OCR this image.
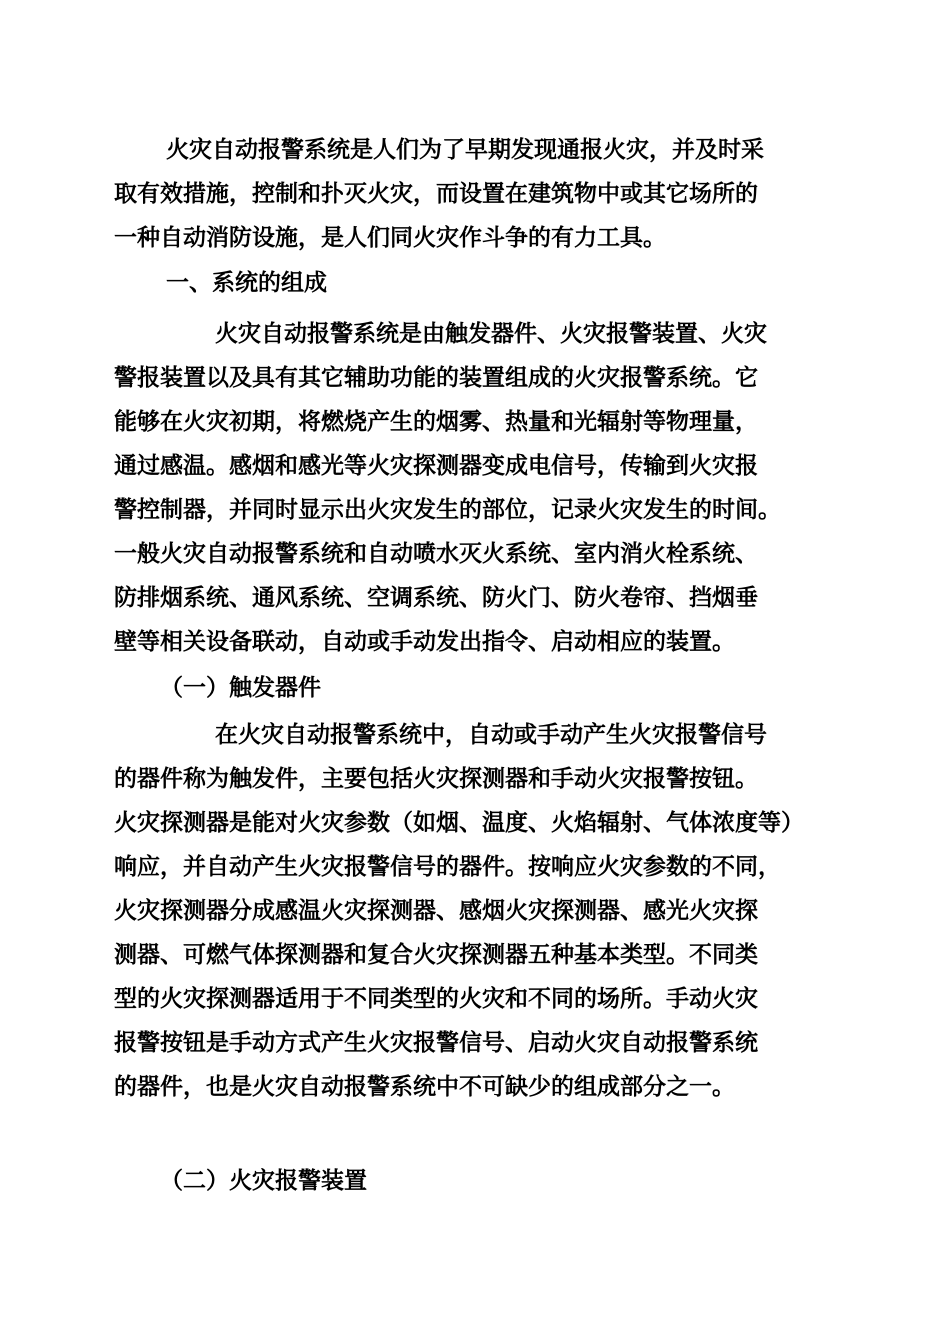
火灾自动报警系统是人们为了早期发现通报火灾，并及时采

取有效措施，控制和扑灭火灾，而设置在建筑物中或其它场所的

一种自动消防设施，是人们同火灾作斗争的有力工具。

一、系统的组成

火灾自动报警系统是由触发器件、火灾报警装置、火灾

警报装置以及具有其它辅助功能的装置组成的火灾报警系统。它

能够在火灾初期，将燃烧产生的烟雾、热量和光辐射等物理量，

通过感温。感烟和感光等火灾探测器变成电信号，传输到火灾报

警控制器，并同时显示出火灾发生的部位，记录火灾发生的时间。

一般火灾自动报警系统和自动喷水灭火系统、室内消火栓系统、

防排烟系统、通风系统、空调系统、防火门、防火卷帘、挡烟垂

壁等相关设备联动，自动或手动发出指令、启动相应的装置。

（一）触发器件

在火灾自动报警系统中，自动或手动产生火灾报警信号

的器件称为触发件，主要包括火灾探测器和手动火灾报警按钮。

火灾探测器是能对火灾参数（如烟、温度、火焰辐射、气体浓度等）

响应，并自动产生火灾报警信号的器件。按响应火灾参数的不同，

火灾探测器分成感温火灾探测器、感烟火灾探测器、感光火灾探

测器、可燃气体探测器和复合火灾探测器五种基本类型。不同类

型的火灾探测器适用于不同类型的火灾和不同的场所。手动火灾

报警按钮是手动方式产生火灾报警信号、启动火灾自动报警系统

的器件，也是火灾自动报警系统中不可缺少的组成部分之一。

（二）火灾报警装置
